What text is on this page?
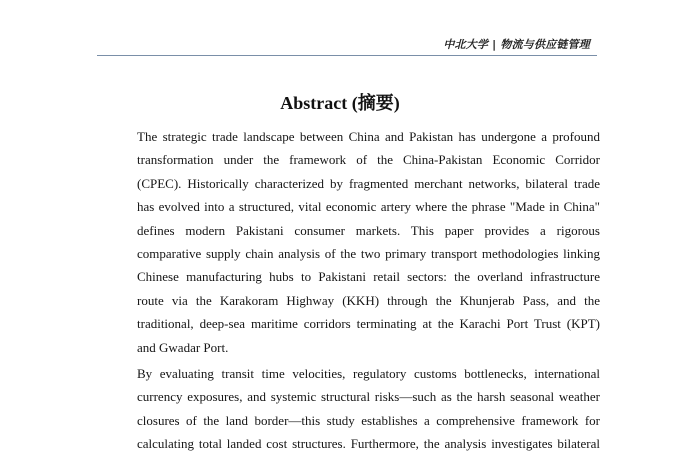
中北大学 | 物流与供应链管理
Abstract (摘要)

The strategic trade landscape between China and Pakistan has undergone a profound
transformation under the framework of the China-Pakistan Economic Corridor
(CPEC). Historically characterized by fragmented merchant networks, bilateral trade
has evolved into a structured, vital economic artery where the phrase "Made in China"
defines modern Pakistani consumer markets. This paper provides a rigorous
comparative supply chain analysis of the two primary transport methodologies linking
Chinese manufacturing hubs to Pakistani retail sectors: the overland infrastructure
route via the Karakoram Highway (KKH) through the Khunjerab Pass, and the
traditional, deep-sea maritime corridors terminating at the Karachi Port Trust (KPT)
and Gwadar Port.

By evaluating transit time velocities, regulatory customs bottlenecks, international
currency exposures, and systemic structural risks—such as the harsh seasonal weather
closures of the land border—this study establishes a comprehensive framework for
calculating total landed cost structures. Furthermore, the analysis investigates bilateral
